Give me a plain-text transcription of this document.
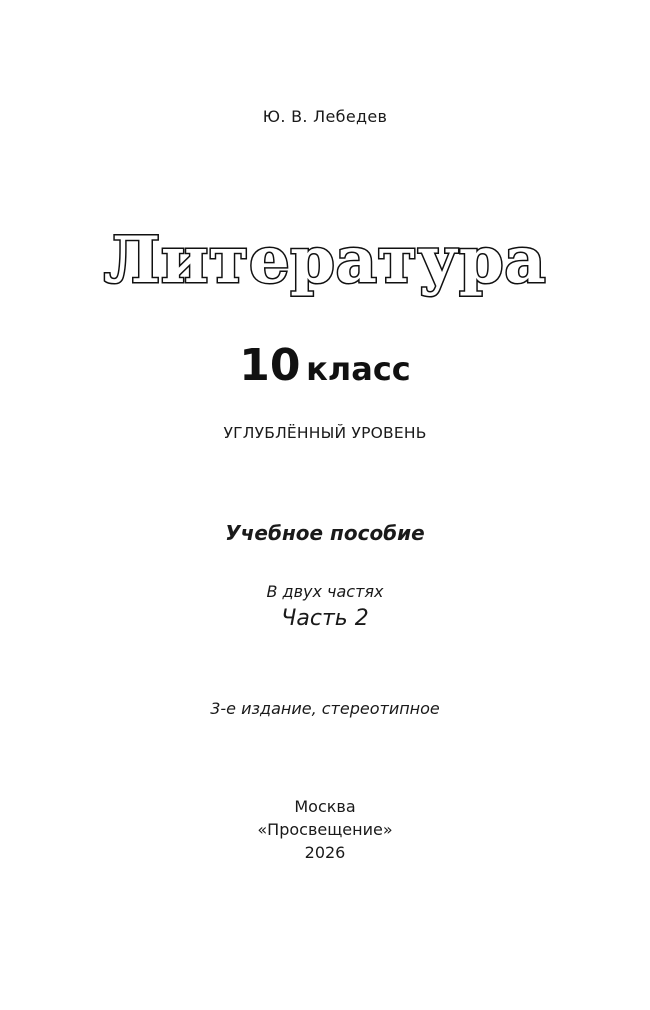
Ю. В. Лебедев
Литература
10 класс
УГЛУБЛЁННЫЙ УРОВЕНЬ
Учебное пособие
В двух частях
Часть 2
3-е издание, стереотипное
Москва
«Просвещение»
2026
